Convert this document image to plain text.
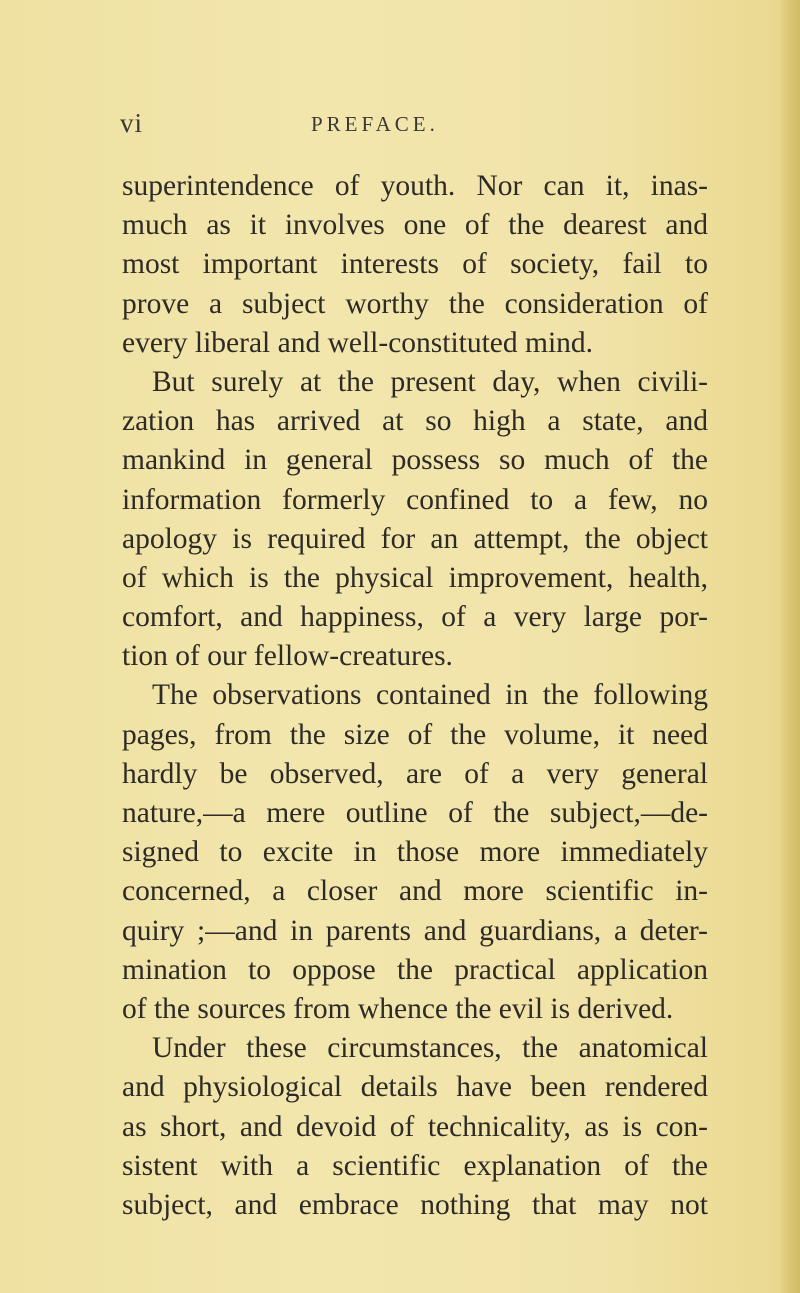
vi	PREFACE.
superintendence of youth. Nor can it, inas-
much as it involves one of the dearest and
most important interests of society, fail to
prove a subject worthy the consideration of
every liberal and well-constituted mind.
But surely at the present day, when civili-
zation has arrived at so high a state, and
mankind in general possess so much of the
information formerly confined to a few, no
apology is required for an attempt, the object
of which is the physical improvement, health,
comfort, and happiness, of a very large por-
tion of our fellow-creatures.
The observations contained in the following
pages, from the size of the volume, it need
hardly be observed, are of a very general
nature,—a mere outline of the subject,—de-
signed to excite in those more immediately
concerned, a closer and more scientific in-
quiry ;—and in parents and guardians, a deter-
mination to oppose the practical application
of the sources from whence the evil is derived.
Under these circumstances, the anatomical
and physiological details have been rendered
as short, and devoid of technicality, as is con-
sistent with a scientific explanation of the
subject, and embrace nothing that may not
